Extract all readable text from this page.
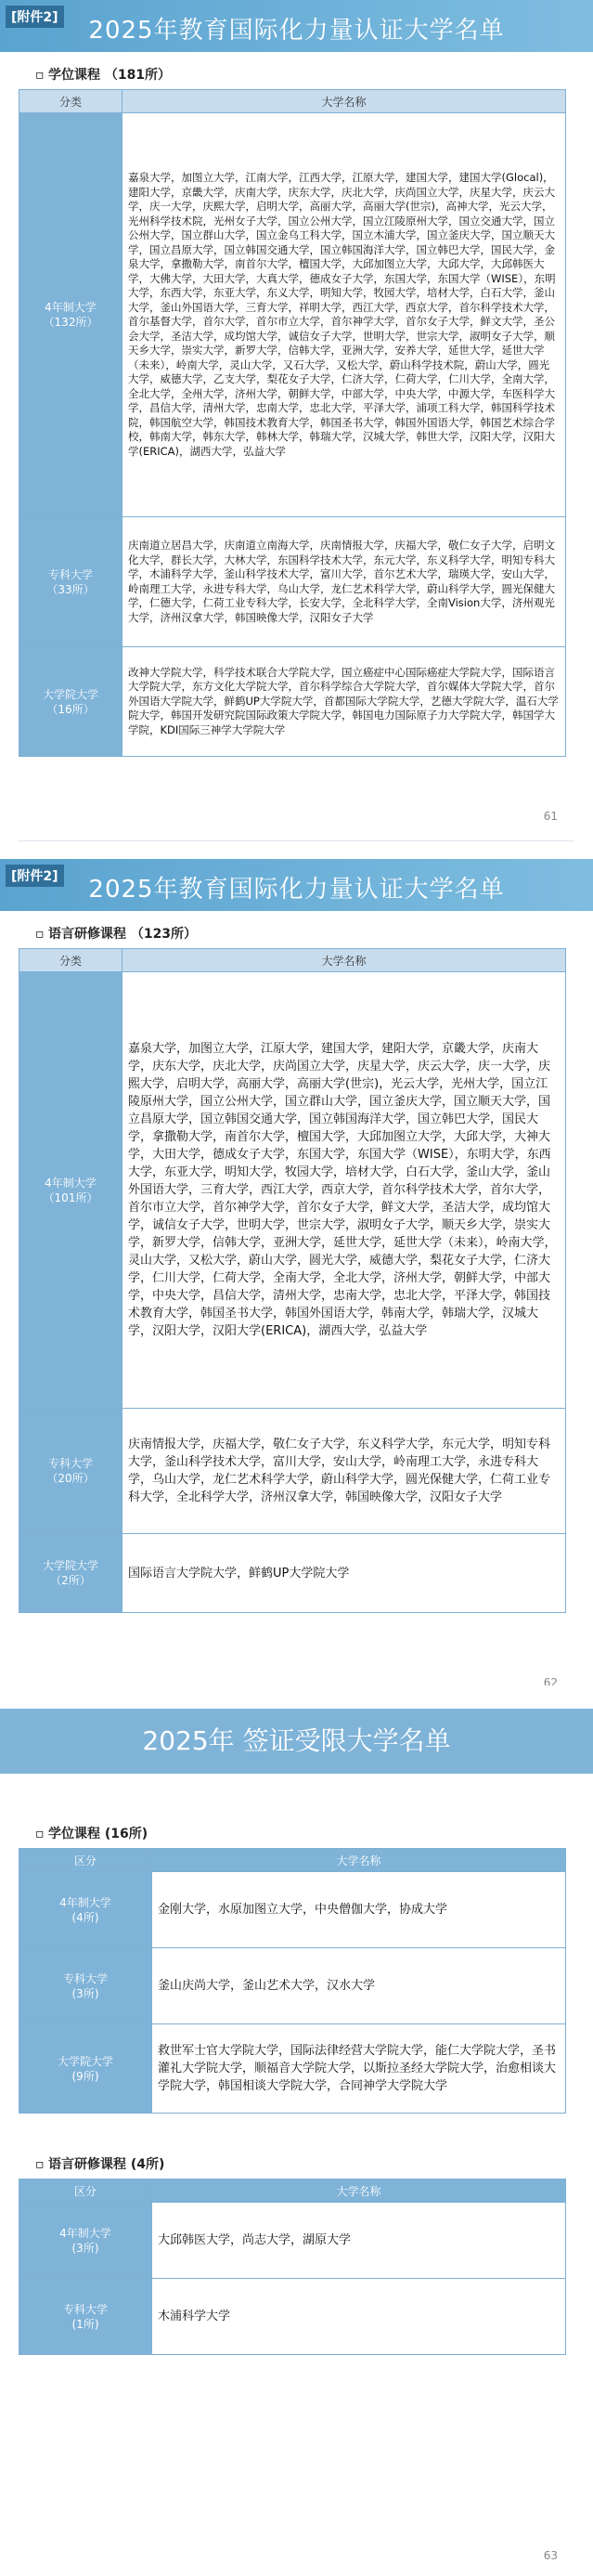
[附件2]	2025年教育国际化力量认证大学名单
▫ 学位课程 （181所）
分类	大学名称

4年制大学
（132所）	嘉泉大学，加图立大学，江南大学，江西大学，江原大学，建国大学，建国大学(Glocal)，建阳大学，京畿大学，庆南大学，庆东大学，庆北大学，庆尚国立大学，庆星大学，庆云大学，庆一大学，庆熙大学，启明大学，高丽大学，高丽大学(世宗)，高神大学，光云大学，光州科学技术院，光州女子大学，国立公州大学，国立江陵原州大学，国立交通大学，国立公州大学，国立群山大学，国立金乌工科大学，国立木浦大学，国立釜庆大学，国立顺天大学，国立昌原大学，国立韩国交通大学，国立韩国海洋大学，国立韩巴大学，国民大学，金泉大学，拿撒勒大学，南首尔大学，檀国大学，大邱加图立大学，大邱大学，大邱韩医大学，大佛大学，大田大学，大真大学，德成女子大学，东国大学，东国大学（WISE），东明大学，东西大学，东亚大学，东义大学，明知大学，牧园大学，培材大学，白石大学，釜山大学，釜山外国语大学，三育大学，祥明大学，西江大学，西京大学，首尔科学技术大学，首尔基督大学，首尔大学，首尔市立大学，首尔神学大学，首尔女子大学，鲜文大学，圣公会大学，圣洁大学，成均馆大学，诚信女子大学，世明大学，世宗大学，淑明女子大学，顺天乡大学，崇实大学，新罗大学，信韩大学，亚洲大学，安养大学，延世大学，延世大学（未来），岭南大学，灵山大学，又石大学，又松大学，蔚山科学技术院，蔚山大学，圆光大学，威德大学，乙支大学，梨花女子大学，仁济大学，仁荷大学，仁川大学，全南大学，全北大学，全州大学，济州大学，朝鲜大学，中部大学，中央大学，中源大学，车医科学大学，昌信大学，清州大学，忠南大学，忠北大学，平泽大学，浦项工科大学，韩国科学技术院，韩国航空大学，韩国技术教育大学，韩国圣书大学，韩国外国语大学，韩国艺术综合学校，韩南大学，韩东大学，韩林大学，韩瑞大学，汉城大学，韩世大学，汉阳大学，汉阳大学(ERICA)，湖西大学，弘益大学

专科大学
（33所）	庆南道立居昌大学，庆南道立南海大学，庆南情报大学，庆福大学，敬仁女子大学，启明文化大学，群长大学，大林大学，东国科学技术大学，东元大学，东义科学大学，明知专科大学，木浦科学大学，釜山科学技术大学，富川大学，首尔艺术大学，瑞瑛大学，安山大学，岭南理工大学，永进专科大学，乌山大学，龙仁艺术科学大学，蔚山科学大学，圆光保健大学，仁德大学，仁荷工业专科大学，长安大学，全北科学大学，全南Vision大学，济州观光大学，济州汉拿大学，韩国映像大学，汉阳女子大学

大学院大学
（16所）	改神大学院大学，科学技术联合大学院大学，国立癌症中心国际癌症大学院大学，国际语言大学院大学，东方文化大学院大学，首尔科学综合大学院大学，首尔媒体大学院大学，首尔外国语大学院大学，鲜鹤UP大学院大学，首都国际大学院大学，艺德大学院大学，温石大学院大学，韩国开发研究院国际政策大学院大学，韩国电力国际原子力大学院大学，韩国学大学院，KDI国际三神学大学院大学
61
[附件2]	2025年教育国际化力量认证大学名单
▫ 语言研修课程 （123所）
分类	大学名称

4年制大学
（101所）	嘉泉大学，加图立大学，江原大学，建国大学，建阳大学，京畿大学，庆南大学，庆东大学，庆北大学，庆尚国立大学，庆星大学，庆云大学，庆一大学，庆熙大学，启明大学，高丽大学，高丽大学(世宗)，光云大学，光州大学，国立江陵原州大学，国立公州大学，国立群山大学，国立釜庆大学，国立顺天大学，国立昌原大学，国立韩国交通大学，国立韩国海洋大学，国立韩巴大学，国民大学，拿撒勒大学，南首尔大学，檀国大学，大邱加图立大学，大邱大学，大神大学，大田大学，德成女子大学，东国大学，东国大学（WISE），东明大学，东西大学，东亚大学，明知大学，牧园大学，培材大学，白石大学，釜山大学，釜山外国语大学，三育大学，西江大学，西京大学，首尔科学技术大学，首尔大学，首尔市立大学，首尔神学大学，首尔女子大学，鲜文大学，圣洁大学，成均馆大学，诚信女子大学，世明大学，世宗大学，淑明女子大学，顺天乡大学，崇实大学，新罗大学，信韩大学，亚洲大学，延世大学，延世大学（未来），岭南大学，灵山大学，又松大学，蔚山大学，圆光大学，威德大学，梨花女子大学，仁济大学，仁川大学，仁荷大学，全南大学，全北大学，济州大学，朝鲜大学，中部大学，中央大学，昌信大学，清州大学，忠南大学，忠北大学，平泽大学，韩国技术教育大学，韩国圣书大学，韩国外国语大学，韩南大学，韩瑞大学，汉城大学，汉阳大学，汉阳大学(ERICA)，湖西大学，弘益大学

专科大学
（20所）	庆南情报大学，庆福大学，敬仁女子大学，东义科学大学，东元大学，明知专科大学，釜山科学技术大学，富川大学，安山大学，岭南理工大学，永进专科大学，乌山大学，龙仁艺术科学大学，蔚山科学大学，圆光保健大学，仁荷工业专科大学，全北科学大学，济州汉拿大学，韩国映像大学，汉阳女子大学

大学院大学
（2所）	国际语言大学院大学，鲜鹤UP大学院大学
62
2025年 签证受限大学名单
▫ 学位课程 (16所)
区分	大学名称

4年制大学
(4所)	金刚大学，水原加图立大学，中央僧伽大学，协成大学

专科大学
(3所)	釜山庆尚大学，釜山艺术大学，汉水大学

大学院大学
(9所)	救世军士官大学院大学，国际法律经营大学院大学，能仁大学院大学，圣书灌礼大学院大学，顺福音大学院大学，以斯拉圣经大学院大学，治愈相谈大学院大学，韩国相谈大学院大学，合同神学大学院大学
▫ 语言研修课程 (4所)
区分	大学名称

4年制大学
(3所)	大邱韩医大学，尚志大学，湖原大学

专科大学
(1所)	木浦科学大学
63
